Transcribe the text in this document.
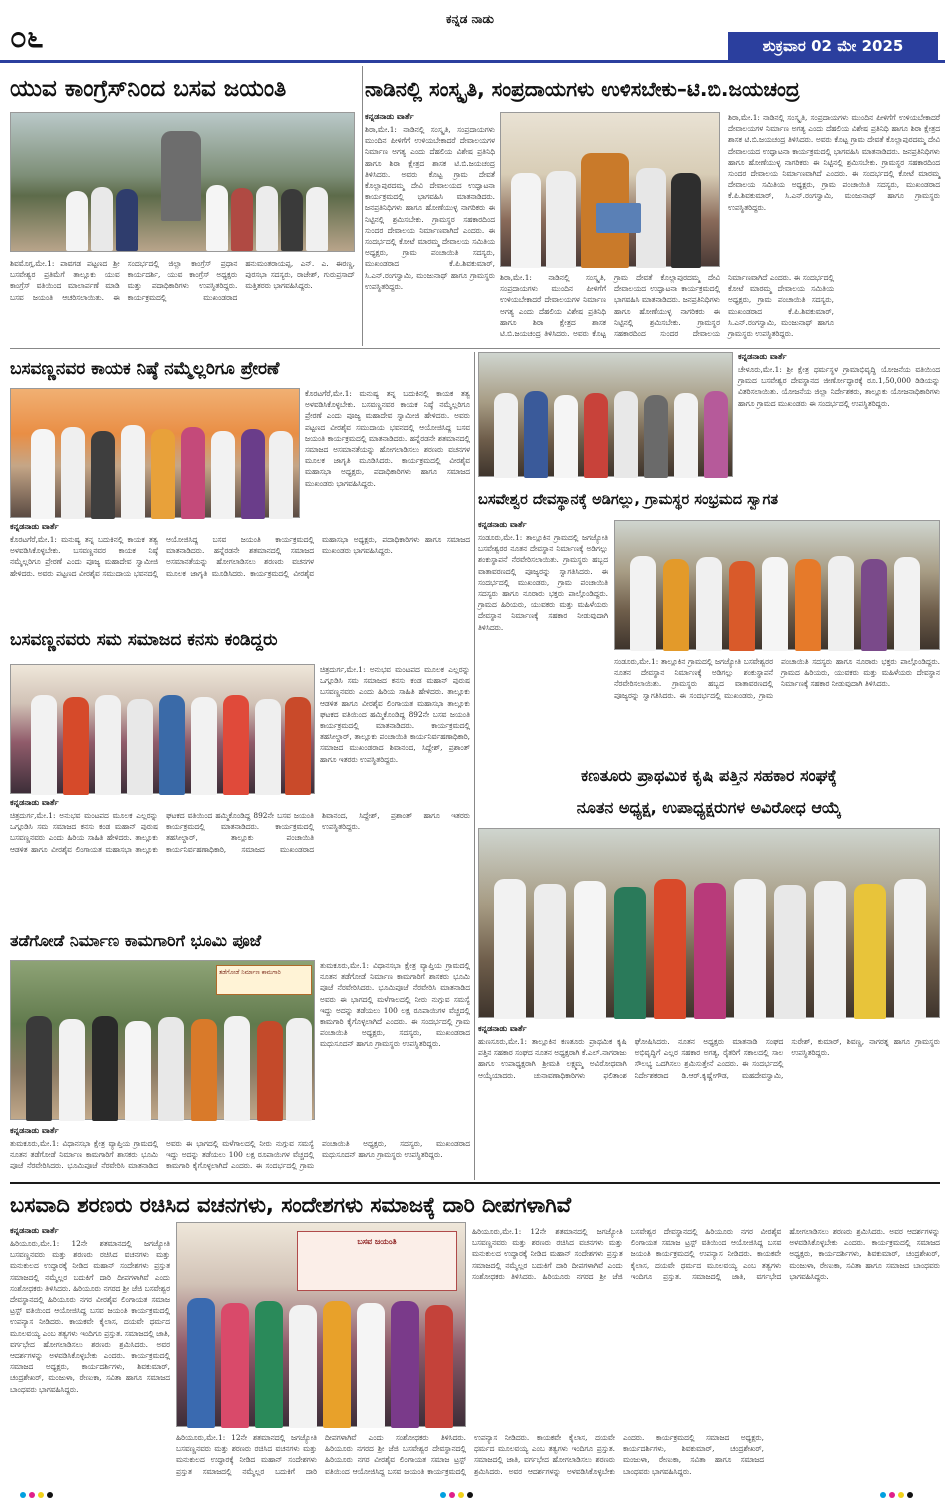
೦೬
ಕನ್ನಡ ನಾಡು
ಶುಕ್ರವಾರ 02 ಮೇ 2025
ಯುವ ಕಾಂಗ್ರೆಸ್‌ನಿಂದ ಬಸವ ಜಯಂತಿ
ಶಿವಮೊಗ್ಗ,ಮೇ.1: ಪಾವಗಡ ಪಟ್ಟಣದ ಶ್ರೀ ಬಸವೇಶ್ವರ ಪ್ರತಿಮೆಗೆ ತಾಲ್ಲೂಕು ಯುವ ಕಾಂಗ್ರೆಸ್ ವತಿಯಿಂದ ಮಾಲಾರ್ಪಣೆ ಮಾಡಿ ಬಸವ ಜಯಂತಿ ಆಚರಿಸಲಾಯಿತು. ಈ ಸಂದರ್ಭದಲ್ಲಿ ಜಿಲ್ಲಾ ಕಾಂಗ್ರೆಸ್ ಪ್ರಧಾನ ಕಾರ್ಯದರ್ಶಿ, ಯುವ ಕಾಂಗ್ರೆಸ್ ಅಧ್ಯಕ್ಷರು ಮತ್ತು ಪದಾಧಿಕಾರಿಗಳು ಉಪಸ್ಥಿತರಿದ್ದರು. ಕಾರ್ಯಕ್ರಮದಲ್ಲಿ ಮುಖಂಡರಾದ ಹನುಮಂತರಾಯಪ್ಪ, ಎನ್. ಎ. ಈರಣ್ಣ, ಪುರಸಭಾ ಸದಸ್ಯರು, ರಾಜೇಶ್, ಗುರುಪ್ರಸಾದ್ ಮತ್ತಿತರರು ಭಾಗವಹಿಸಿದ್ದರು.
ನಾಡಿನಲ್ಲಿ ಸಂಸ್ಕೃತಿ, ಸಂಪ್ರದಾಯಗಳು ಉಳಿಸಬೇಕು–ಟಿ.ಬಿ.ಜಯಚಂದ್ರ
ಕನ್ನಡನಾಡು ವಾರ್ತೆ
ಶಿರಾ,ಮೇ.1: ನಾಡಿನಲ್ಲಿ ಸಂಸ್ಕೃತಿ, ಸಂಪ್ರದಾಯಗಳು ಮುಂದಿನ ಪೀಳಿಗೆಗೆ ಉಳಿಯಬೇಕಾದರೆ ದೇವಾಲಯಗಳ ನಿರ್ಮಾಣ ಅಗತ್ಯ ಎಂದು ದೆಹಲಿಯ ವಿಶೇಷ ಪ್ರತಿನಿಧಿ ಹಾಗೂ ಶಿರಾ ಕ್ಷೇತ್ರದ ಶಾಸಕ ಟಿ.ಬಿ.ಜಯಚಂದ್ರ ತಿಳಿಸಿದರು. ಅವರು ಕೊಟ್ಟ ಗ್ರಾಮ ದೇವತೆ ಕೊಲ್ಲಾಪುರದಮ್ಮ ದೇವಿ ದೇವಾಲಯದ ಉದ್ಘಾಟನಾ ಕಾರ್ಯಕ್ರಮದಲ್ಲಿ ಭಾಗವಹಿಸಿ ಮಾತನಾಡಿದರು. ಜನಪ್ರತಿನಿಧಿಗಳು ಹಾಗೂ ಹೋಣೆಯುಳ್ಳ ನಾಗರಿಕರು ಈ ನಿಟ್ಟಿನಲ್ಲಿ ಶ್ರಮಿಸಬೇಕು. ಗ್ರಾಮಸ್ಥರ ಸಹಕಾರದಿಂದ ಸುಂದರ ದೇವಾಲಯ ನಿರ್ಮಾಣವಾಗಿದೆ ಎಂದರು. ಈ ಸಂದರ್ಭದಲ್ಲಿ ಕೋಟೆ ಮಾರಮ್ಮ ದೇವಾಲಯ ಸಮಿತಿಯ ಅಧ್ಯಕ್ಷರು, ಗ್ರಾಮ ಪಂಚಾಯಿತಿ ಸದಸ್ಯರು, ಮುಖಂಡರಾದ ಕೆ.ಪಿ.ಶಿವಕುಮಾರ್, ಸಿ.ಎನ್.ರಂಗಸ್ವಾಮಿ, ಮಂಜುನಾಥ್ ಹಾಗೂ ಗ್ರಾಮಸ್ಥರು ಉಪಸ್ಥಿತರಿದ್ದರು.
ಶಿರಾ,ಮೇ.1: ನಾಡಿನಲ್ಲಿ ಸಂಸ್ಕೃತಿ, ಸಂಪ್ರದಾಯಗಳು ಮುಂದಿನ ಪೀಳಿಗೆಗೆ ಉಳಿಯಬೇಕಾದರೆ ದೇವಾಲಯಗಳ ನಿರ್ಮಾಣ ಅಗತ್ಯ ಎಂದು ದೆಹಲಿಯ ವಿಶೇಷ ಪ್ರತಿನಿಧಿ ಹಾಗೂ ಶಿರಾ ಕ್ಷೇತ್ರದ ಶಾಸಕ ಟಿ.ಬಿ.ಜಯಚಂದ್ರ ತಿಳಿಸಿದರು. ಅವರು ಕೊಟ್ಟ ಗ್ರಾಮ ದೇವತೆ ಕೊಲ್ಲಾಪುರದಮ್ಮ ದೇವಿ ದೇವಾಲಯದ ಉದ್ಘಾಟನಾ ಕಾರ್ಯಕ್ರಮದಲ್ಲಿ ಭಾಗವಹಿಸಿ ಮಾತನಾಡಿದರು. ಜನಪ್ರತಿನಿಧಿಗಳು ಹಾಗೂ ಹೋಣೆಯುಳ್ಳ ನಾಗರಿಕರು ಈ ನಿಟ್ಟಿನಲ್ಲಿ ಶ್ರಮಿಸಬೇಕು. ಗ್ರಾಮಸ್ಥರ ಸಹಕಾರದಿಂದ ಸುಂದರ ದೇವಾಲಯ ನಿರ್ಮಾಣವಾಗಿದೆ ಎಂದರು. ಈ ಸಂದರ್ಭದಲ್ಲಿ ಕೋಟೆ ಮಾರಮ್ಮ ದೇವಾಲಯ ಸಮಿತಿಯ ಅಧ್ಯಕ್ಷರು, ಗ್ರಾಮ ಪಂಚಾಯಿತಿ ಸದಸ್ಯರು, ಮುಖಂಡರಾದ ಕೆ.ಪಿ.ಶಿವಕುಮಾರ್, ಸಿ.ಎನ್.ರಂಗಸ್ವಾಮಿ, ಮಂಜುನಾಥ್ ಹಾಗೂ ಗ್ರಾಮಸ್ಥರು ಉಪಸ್ಥಿತರಿದ್ದರು.
ಶಿರಾ,ಮೇ.1: ನಾಡಿನಲ್ಲಿ ಸಂಸ್ಕೃತಿ, ಸಂಪ್ರದಾಯಗಳು ಮುಂದಿನ ಪೀಳಿಗೆಗೆ ಉಳಿಯಬೇಕಾದರೆ ದೇವಾಲಯಗಳ ನಿರ್ಮಾಣ ಅಗತ್ಯ ಎಂದು ದೆಹಲಿಯ ವಿಶೇಷ ಪ್ರತಿನಿಧಿ ಹಾಗೂ ಶಿರಾ ಕ್ಷೇತ್ರದ ಶಾಸಕ ಟಿ.ಬಿ.ಜಯಚಂದ್ರ ತಿಳಿಸಿದರು. ಅವರು ಕೊಟ್ಟ ಗ್ರಾಮ ದೇವತೆ ಕೊಲ್ಲಾಪುರದಮ್ಮ ದೇವಿ ದೇವಾಲಯದ ಉದ್ಘಾಟನಾ ಕಾರ್ಯಕ್ರಮದಲ್ಲಿ ಭಾಗವಹಿಸಿ ಮಾತನಾಡಿದರು. ಜನಪ್ರತಿನಿಧಿಗಳು ಹಾಗೂ ಹೋಣೆಯುಳ್ಳ ನಾಗರಿಕರು ಈ ನಿಟ್ಟಿನಲ್ಲಿ ಶ್ರಮಿಸಬೇಕು. ಗ್ರಾಮಸ್ಥರ ಸಹಕಾರದಿಂದ ಸುಂದರ ದೇವಾಲಯ ನಿರ್ಮಾಣವಾಗಿದೆ ಎಂದರು. ಈ ಸಂದರ್ಭದಲ್ಲಿ ಕೋಟೆ ಮಾರಮ್ಮ ದೇವಾಲಯ ಸಮಿತಿಯ ಅಧ್ಯಕ್ಷರು, ಗ್ರಾಮ ಪಂಚಾಯಿತಿ ಸದಸ್ಯರು, ಮುಖಂಡರಾದ ಕೆ.ಪಿ.ಶಿವಕುಮಾರ್, ಸಿ.ಎನ್.ರಂಗಸ್ವಾಮಿ, ಮಂಜುನಾಥ್ ಹಾಗೂ ಗ್ರಾಮಸ್ಥರು ಉಪಸ್ಥಿತರಿದ್ದರು.
ಬಸವಣ್ಣನವರ ಕಾಯಕ ನಿಷ್ಠೆ ನಮ್ಮೆಲ್ಲರಿಗೂ ಪ್ರೇರಣೆ
ಕೊರಟಗೆರೆ,ಮೇ.1: ಮನುಷ್ಯ ತನ್ನ ಬದುಕಿನಲ್ಲಿ ಕಾಯಕ ತತ್ವ ಅಳವಡಿಸಿಕೊಳ್ಳಬೇಕು. ಬಸವಣ್ಣನವರ ಕಾಯಕ ನಿಷ್ಠೆ ನಮ್ಮೆಲ್ಲರಿಗೂ ಪ್ರೇರಣೆ ಎಂದು ಪೂಜ್ಯ ಮಹಾದೇವ ಸ್ವಾಮೀಜಿ ಹೇಳಿದರು. ಅವರು ಪಟ್ಟಣದ ವೀರಶೈವ ಸಮುದಾಯ ಭವನದಲ್ಲಿ ಆಯೋಜಿಸಿದ್ದ ಬಸವ ಜಯಂತಿ ಕಾರ್ಯಕ್ರಮದಲ್ಲಿ ಮಾತನಾಡಿದರು. ಹನ್ನೆರಡನೇ ಶತಮಾನದಲ್ಲಿ ಸಮಾಜದ ಅಸಮಾನತೆಯನ್ನು ಹೋಗಲಾಡಿಸಲು ಶರಣರು ವಚನಗಳ ಮೂಲಕ ಜಾಗೃತಿ ಮೂಡಿಸಿದರು. ಕಾರ್ಯಕ್ರಮದಲ್ಲಿ ವೀರಶೈವ ಮಹಾಸಭಾ ಅಧ್ಯಕ್ಷರು, ಪದಾಧಿಕಾರಿಗಳು ಹಾಗೂ ಸಮಾಜದ ಮುಖಂಡರು ಭಾಗವಹಿಸಿದ್ದರು.
ಕನ್ನಡನಾಡು ವಾರ್ತೆ
ಕೊರಟಗೆರೆ,ಮೇ.1: ಮನುಷ್ಯ ತನ್ನ ಬದುಕಿನಲ್ಲಿ ಕಾಯಕ ತತ್ವ ಅಳವಡಿಸಿಕೊಳ್ಳಬೇಕು. ಬಸವಣ್ಣನವರ ಕಾಯಕ ನಿಷ್ಠೆ ನಮ್ಮೆಲ್ಲರಿಗೂ ಪ್ರೇರಣೆ ಎಂದು ಪೂಜ್ಯ ಮಹಾದೇವ ಸ್ವಾಮೀಜಿ ಹೇಳಿದರು. ಅವರು ಪಟ್ಟಣದ ವೀರಶೈವ ಸಮುದಾಯ ಭವನದಲ್ಲಿ ಆಯೋಜಿಸಿದ್ದ ಬಸವ ಜಯಂತಿ ಕಾರ್ಯಕ್ರಮದಲ್ಲಿ ಮಾತನಾಡಿದರು. ಹನ್ನೆರಡನೇ ಶತಮಾನದಲ್ಲಿ ಸಮಾಜದ ಅಸಮಾನತೆಯನ್ನು ಹೋಗಲಾಡಿಸಲು ಶರಣರು ವಚನಗಳ ಮೂಲಕ ಜಾಗೃತಿ ಮೂಡಿಸಿದರು. ಕಾರ್ಯಕ್ರಮದಲ್ಲಿ ವೀರಶೈವ ಮಹಾಸಭಾ ಅಧ್ಯಕ್ಷರು, ಪದಾಧಿಕಾರಿಗಳು ಹಾಗೂ ಸಮಾಜದ ಮುಖಂಡರು ಭಾಗವಹಿಸಿದ್ದರು.
ಕನ್ನಡನಾಡು ವಾರ್ತೆ
ಚೇಳೂರು,ಮೇ.1: ಶ್ರೀ ಕ್ಷೇತ್ರ ಧರ್ಮಸ್ಥಳ ಗ್ರಾಮಾಭಿವೃದ್ಧಿ ಯೋಜನೆಯ ವತಿಯಿಂದ ಗ್ರಾಮದ ಬಸವೇಶ್ವರ ದೇವಸ್ಥಾನದ ಜೀರ್ಣೋದ್ಧಾರಕ್ಕೆ ರೂ.1,50,000 ಡಿಡಿಯನ್ನು ವಿತರಿಸಲಾಯಿತು. ಯೋಜನೆಯ ಜಿಲ್ಲಾ ನಿರ್ದೇಶಕರು, ತಾಲ್ಲೂಕು ಯೋಜನಾಧಿಕಾರಿಗಳು ಹಾಗೂ ಗ್ರಾಮದ ಮುಖಂಡರು ಈ ಸಂದರ್ಭದಲ್ಲಿ ಉಪಸ್ಥಿತರಿದ್ದರು.
ಬಸವೇಶ್ವರ ದೇವಸ್ಥಾನಕ್ಕೆ ಅಡಿಗಲ್ಲು, ಗ್ರಾಮಸ್ಥರ ಸಂಭ್ರಮದ ಸ್ವಾಗತ
ಕನ್ನಡನಾಡು ವಾರ್ತೆ
ಸಂಡೂರು,ಮೇ.1: ತಾಲ್ಲೂಕಿನ ಗ್ರಾಮದಲ್ಲಿ ಜಗಜ್ಯೋತಿ ಬಸವೇಶ್ವರರ ನೂತನ ದೇವಸ್ಥಾನ ನಿರ್ಮಾಣಕ್ಕೆ ಅಡಿಗಲ್ಲು ಶಂಕುಸ್ಥಾಪನೆ ನೆರವೇರಿಸಲಾಯಿತು. ಗ್ರಾಮಸ್ಥರು ಹಬ್ಬದ ವಾತಾವರಣದಲ್ಲಿ ಪೂಜ್ಯರನ್ನು ಸ್ವಾಗತಿಸಿದರು. ಈ ಸಂದರ್ಭದಲ್ಲಿ ಮುಖಂಡರು, ಗ್ರಾಮ ಪಂಚಾಯಿತಿ ಸದಸ್ಯರು ಹಾಗೂ ನೂರಾರು ಭಕ್ತರು ಪಾಲ್ಗೊಂಡಿದ್ದರು. ಗ್ರಾಮದ ಹಿರಿಯರು, ಯುವಕರು ಮತ್ತು ಮಹಿಳೆಯರು ದೇವಸ್ಥಾನ ನಿರ್ಮಾಣಕ್ಕೆ ಸಹಕಾರ ನೀಡುವುದಾಗಿ ತಿಳಿಸಿದರು.
ಸಂಡೂರು,ಮೇ.1: ತಾಲ್ಲೂಕಿನ ಗ್ರಾಮದಲ್ಲಿ ಜಗಜ್ಯೋತಿ ಬಸವೇಶ್ವರರ ನೂತನ ದೇವಸ್ಥಾನ ನಿರ್ಮಾಣಕ್ಕೆ ಅಡಿಗಲ್ಲು ಶಂಕುಸ್ಥಾಪನೆ ನೆರವೇರಿಸಲಾಯಿತು. ಗ್ರಾಮಸ್ಥರು ಹಬ್ಬದ ವಾತಾವರಣದಲ್ಲಿ ಪೂಜ್ಯರನ್ನು ಸ್ವಾಗತಿಸಿದರು. ಈ ಸಂದರ್ಭದಲ್ಲಿ ಮುಖಂಡರು, ಗ್ರಾಮ ಪಂಚಾಯಿತಿ ಸದಸ್ಯರು ಹಾಗೂ ನೂರಾರು ಭಕ್ತರು ಪಾಲ್ಗೊಂಡಿದ್ದರು. ಗ್ರಾಮದ ಹಿರಿಯರು, ಯುವಕರು ಮತ್ತು ಮಹಿಳೆಯರು ದೇವಸ್ಥಾನ ನಿರ್ಮಾಣಕ್ಕೆ ಸಹಕಾರ ನೀಡುವುದಾಗಿ ತಿಳಿಸಿದರು.
ಬಸವಣ್ಣನವರು ಸಮ ಸಮಾಜದ ಕನಸು ಕಂಡಿದ್ದರು
ಚಿತ್ರದುರ್ಗ,ಮೇ.1: ಅನುಭವ ಮಂಟಪದ ಮೂಲಕ ಎಲ್ಲರನ್ನು ಒಗ್ಗೂಡಿಸಿ ಸಮ ಸಮಾಜದ ಕನಸು ಕಂಡ ಮಹಾನ್ ಪುರುಷ ಬಸವಣ್ಣನವರು ಎಂದು ಹಿರಿಯ ಸಾಹಿತಿ ಹೇಳಿದರು. ತಾಲ್ಲೂಕು ಆಡಳಿತ ಹಾಗೂ ವೀರಶೈವ ಲಿಂಗಾಯತ ಮಹಾಸಭಾ ತಾಲ್ಲೂಕು ಘಟಕದ ವತಿಯಿಂದ ಹಮ್ಮಿಕೊಂಡಿದ್ದ 892ನೇ ಬಸವ ಜಯಂತಿ ಕಾರ್ಯಕ್ರಮದಲ್ಲಿ ಮಾತನಾಡಿದರು. ಕಾರ್ಯಕ್ರಮದಲ್ಲಿ ತಹಸೀಲ್ದಾರ್, ತಾಲ್ಲೂಕು ಪಂಚಾಯಿತಿ ಕಾರ್ಯನಿರ್ವಹಣಾಧಿಕಾರಿ, ಸಮಾಜದ ಮುಖಂಡರಾದ ಶಿವಾನಂದ, ಸಿದ್ದೇಶ್, ಪ್ರಶಾಂತ್ ಹಾಗೂ ಇತರರು ಉಪಸ್ಥಿತರಿದ್ದರು.
ಕನ್ನಡನಾಡು ವಾರ್ತೆ
ಚಿತ್ರದುರ್ಗ,ಮೇ.1: ಅನುಭವ ಮಂಟಪದ ಮೂಲಕ ಎಲ್ಲರನ್ನು ಒಗ್ಗೂಡಿಸಿ ಸಮ ಸಮಾಜದ ಕನಸು ಕಂಡ ಮಹಾನ್ ಪುರುಷ ಬಸವಣ್ಣನವರು ಎಂದು ಹಿರಿಯ ಸಾಹಿತಿ ಹೇಳಿದರು. ತಾಲ್ಲೂಕು ಆಡಳಿತ ಹಾಗೂ ವೀರಶೈವ ಲಿಂಗಾಯತ ಮಹಾಸಭಾ ತಾಲ್ಲೂಕು ಘಟಕದ ವತಿಯಿಂದ ಹಮ್ಮಿಕೊಂಡಿದ್ದ 892ನೇ ಬಸವ ಜಯಂತಿ ಕಾರ್ಯಕ್ರಮದಲ್ಲಿ ಮಾತನಾಡಿದರು. ಕಾರ್ಯಕ್ರಮದಲ್ಲಿ ತಹಸೀಲ್ದಾರ್, ತಾಲ್ಲೂಕು ಪಂಚಾಯಿತಿ ಕಾರ್ಯನಿರ್ವಹಣಾಧಿಕಾರಿ, ಸಮಾಜದ ಮುಖಂಡರಾದ ಶಿವಾನಂದ, ಸಿದ್ದೇಶ್, ಪ್ರಶಾಂತ್ ಹಾಗೂ ಇತರರು ಉಪಸ್ಥಿತರಿದ್ದರು.
ಕಣತೂರು ಪ್ರಾಥಮಿಕ ಕೃಷಿ ಪತ್ತಿನ ಸಹಕಾರ ಸಂಘಕ್ಕೆ
ನೂತನ ಅಧ್ಯಕ್ಷ, ಉಪಾಧ್ಯಕ್ಷರುಗಳ ಅವಿರೋಧ ಆಯ್ಕೆ
ಕನ್ನಡನಾಡು ವಾರ್ತೆ
ಹುಣಸೂರು,ಮೇ.1: ತಾಲ್ಲೂಕಿನ ಕಣತೂರು ಪ್ರಾಥಮಿಕ ಕೃಷಿ ಪತ್ತಿನ ಸಹಕಾರ ಸಂಘದ ನೂತನ ಅಧ್ಯಕ್ಷರಾಗಿ ಕೆ.ಎಲ್.ನಾಗರಾಜು ಹಾಗೂ ಉಪಾಧ್ಯಕ್ಷರಾಗಿ ಶ್ರೀಮತಿ ಲಕ್ಷ್ಮಮ್ಮ ಅವಿರೋಧವಾಗಿ ಆಯ್ಕೆಯಾದರು. ಚುನಾವಣಾಧಿಕಾರಿಗಳು ಫಲಿತಾಂಶ ಘೋಷಿಸಿದರು. ನೂತನ ಅಧ್ಯಕ್ಷರು ಮಾತನಾಡಿ ಸಂಘದ ಅಭಿವೃದ್ಧಿಗೆ ಎಲ್ಲರ ಸಹಕಾರ ಅಗತ್ಯ, ರೈತರಿಗೆ ಸಕಾಲದಲ್ಲಿ ಸಾಲ ಸೌಲಭ್ಯ ಒದಗಿಸಲು ಶ್ರಮಿಸುತ್ತೇನೆ ಎಂದರು. ಈ ಸಂದರ್ಭದಲ್ಲಿ ನಿರ್ದೇಶಕರಾದ ಡಿ.ಆರ್.ಕೃಷ್ಣೇಗೌಡ, ಮಹದೇವಸ್ವಾಮಿ, ಸುರೇಶ್, ಕುಮಾರ್, ಶಿವಣ್ಣ, ನಾಗರತ್ನ ಹಾಗೂ ಗ್ರಾಮಸ್ಥರು ಉಪಸ್ಥಿತರಿದ್ದರು.
ತಡೆಗೋಡೆ ನಿರ್ಮಾಣ ಕಾಮಗಾರಿಗೆ ಭೂಮಿ ಪೂಜೆ
ತಡೆಗೋಡೆ ನಿರ್ಮಾಣ ಕಾಮಗಾರಿ
ತುಮಕೂರು,ಮೇ.1: ವಿಧಾನಸಭಾ ಕ್ಷೇತ್ರ ವ್ಯಾಪ್ತಿಯ ಗ್ರಾಮದಲ್ಲಿ ನೂತನ ತಡೆಗೋಡೆ ನಿರ್ಮಾಣ ಕಾಮಗಾರಿಗೆ ಶಾಸಕರು ಭೂಮಿ ಪೂಜೆ ನೆರವೇರಿಸಿದರು. ಭೂಮಿಪೂಜೆ ನೆರವೇರಿಸಿ ಮಾತನಾಡಿದ ಅವರು ಈ ಭಾಗದಲ್ಲಿ ಮಳೆಗಾಲದಲ್ಲಿ ನೀರು ನುಗ್ಗುವ ಸಮಸ್ಯೆ ಇದ್ದು ಅದನ್ನು ತಡೆಯಲು 100 ಲಕ್ಷ ರೂಪಾಯಿಗಳ ವೆಚ್ಚದಲ್ಲಿ ಕಾಮಗಾರಿ ಕೈಗೊಳ್ಳಲಾಗಿದೆ ಎಂದರು. ಈ ಸಂದರ್ಭದಲ್ಲಿ ಗ್ರಾಮ ಪಂಚಾಯಿತಿ ಅಧ್ಯಕ್ಷರು, ಸದಸ್ಯರು, ಮುಖಂಡರಾದ ಮಧುಸೂದನ್ ಹಾಗೂ ಗ್ರಾಮಸ್ಥರು ಉಪಸ್ಥಿತರಿದ್ದರು.
ಕನ್ನಡನಾಡು ವಾರ್ತೆ
ತುಮಕೂರು,ಮೇ.1: ವಿಧಾನಸಭಾ ಕ್ಷೇತ್ರ ವ್ಯಾಪ್ತಿಯ ಗ್ರಾಮದಲ್ಲಿ ನೂತನ ತಡೆಗೋಡೆ ನಿರ್ಮಾಣ ಕಾಮಗಾರಿಗೆ ಶಾಸಕರು ಭೂಮಿ ಪೂಜೆ ನೆರವೇರಿಸಿದರು. ಭೂಮಿಪೂಜೆ ನೆರವೇರಿಸಿ ಮಾತನಾಡಿದ ಅವರು ಈ ಭಾಗದಲ್ಲಿ ಮಳೆಗಾಲದಲ್ಲಿ ನೀರು ನುಗ್ಗುವ ಸಮಸ್ಯೆ ಇದ್ದು ಅದನ್ನು ತಡೆಯಲು 100 ಲಕ್ಷ ರೂಪಾಯಿಗಳ ವೆಚ್ಚದಲ್ಲಿ ಕಾಮಗಾರಿ ಕೈಗೊಳ್ಳಲಾಗಿದೆ ಎಂದರು. ಈ ಸಂದರ್ಭದಲ್ಲಿ ಗ್ರಾಮ ಪಂಚಾಯಿತಿ ಅಧ್ಯಕ್ಷರು, ಸದಸ್ಯರು, ಮುಖಂಡರಾದ ಮಧುಸೂದನ್ ಹಾಗೂ ಗ್ರಾಮಸ್ಥರು ಉಪಸ್ಥಿತರಿದ್ದರು.
ಬಸವಾದಿ ಶರಣರು ರಚಿಸಿದ ವಚನಗಳು, ಸಂದೇಶಗಳು ಸಮಾಜಕ್ಕೆ ದಾರಿ ದೀಪಗಳಾಗಿವೆ
ಕನ್ನಡನಾಡು ವಾರ್ತೆ
ಹಿರಿಯೂರು,ಮೇ.1: 12ನೇ ಶತಮಾನದಲ್ಲಿ ಜಗಜ್ಯೋತಿ ಬಸವಣ್ಣನವರು ಮತ್ತು ಶರಣರು ರಚಿಸಿದ ವಚನಗಳು ಮತ್ತು ಮನುಕುಲದ ಉದ್ಧಾರಕ್ಕೆ ನೀಡಿದ ಮಹಾನ್ ಸಂದೇಶಗಳು ಪ್ರಸ್ತುತ ಸಮಾಜದಲ್ಲಿ ನಮ್ಮೆಲ್ಲರ ಬದುಕಿಗೆ ದಾರಿ ದೀಪಗಳಾಗಿವೆ ಎಂದು ಸಂಶೋಧಕರು ತಿಳಿಸಿದರು. ಹಿರಿಯೂರು ನಗರದ ಶ್ರೀ ಜೆಜಿ ಬಸವೇಶ್ವರ ದೇವಸ್ಥಾನದಲ್ಲಿ ಹಿರಿಯೂರು ನಗರ ವೀರಶೈವ ಲಿಂಗಾಯತ ಸಮಾಜ ಟ್ರಸ್ಟ್ ವತಿಯಿಂದ ಆಯೋಜಿಸಿದ್ದ ಬಸವ ಜಯಂತಿ ಕಾರ್ಯಕ್ರಮದಲ್ಲಿ ಉಪನ್ಯಾಸ ನೀಡಿದರು. ಕಾಯಕವೇ ಕೈಲಾಸ, ದಯವೇ ಧರ್ಮದ ಮೂಲವಯ್ಯ ಎಂಬ ತತ್ವಗಳು ಇಂದಿಗೂ ಪ್ರಸ್ತುತ. ಸಮಾಜದಲ್ಲಿ ಜಾತಿ, ವರ್ಗಭೇದ ಹೋಗಲಾಡಿಸಲು ಶರಣರು ಶ್ರಮಿಸಿದರು. ಅವರ ಆದರ್ಶಗಳನ್ನು ಅಳವಡಿಸಿಕೊಳ್ಳಬೇಕು ಎಂದರು. ಕಾರ್ಯಕ್ರಮದಲ್ಲಿ ಸಮಾಜದ ಅಧ್ಯಕ್ಷರು, ಕಾರ್ಯದರ್ಶಿಗಳು, ಶಿವಕುಮಾರ್, ಚಂದ್ರಶೇಖರ್, ಮಂಜುಳಾ, ರೇಣುಕಾ, ಸವಿತಾ ಹಾಗೂ ಸಮಾಜದ ಬಾಂಧವರು ಭಾಗವಹಿಸಿದ್ದರು.
ಬಸವ ಜಯಂತಿ
ಹಿರಿಯೂರು,ಮೇ.1: 12ನೇ ಶತಮಾನದಲ್ಲಿ ಜಗಜ್ಯೋತಿ ಬಸವಣ್ಣನವರು ಮತ್ತು ಶರಣರು ರಚಿಸಿದ ವಚನಗಳು ಮತ್ತು ಮನುಕುಲದ ಉದ್ಧಾರಕ್ಕೆ ನೀಡಿದ ಮಹಾನ್ ಸಂದೇಶಗಳು ಪ್ರಸ್ತುತ ಸಮಾಜದಲ್ಲಿ ನಮ್ಮೆಲ್ಲರ ಬದುಕಿಗೆ ದಾರಿ ದೀಪಗಳಾಗಿವೆ ಎಂದು ಸಂಶೋಧಕರು ತಿಳಿಸಿದರು. ಹಿರಿಯೂರು ನಗರದ ಶ್ರೀ ಜೆಜಿ ಬಸವೇಶ್ವರ ದೇವಸ್ಥಾನದಲ್ಲಿ ಹಿರಿಯೂರು ನಗರ ವೀರಶೈವ ಲಿಂಗಾಯತ ಸಮಾಜ ಟ್ರಸ್ಟ್ ವತಿಯಿಂದ ಆಯೋಜಿಸಿದ್ದ ಬಸವ ಜಯಂತಿ ಕಾರ್ಯಕ್ರಮದಲ್ಲಿ ಉಪನ್ಯಾಸ ನೀಡಿದರು. ಕಾಯಕವೇ ಕೈಲಾಸ, ದಯವೇ ಧರ್ಮದ ಮೂಲವಯ್ಯ ಎಂಬ ತತ್ವಗಳು ಇಂದಿಗೂ ಪ್ರಸ್ತುತ. ಸಮಾಜದಲ್ಲಿ ಜಾತಿ, ವರ್ಗಭೇದ ಹೋಗಲಾಡಿಸಲು ಶರಣರು ಶ್ರಮಿಸಿದರು. ಅವರ ಆದರ್ಶಗಳನ್ನು ಅಳವಡಿಸಿಕೊಳ್ಳಬೇಕು ಎಂದರು. ಕಾರ್ಯಕ್ರಮದಲ್ಲಿ ಸಮಾಜದ ಅಧ್ಯಕ್ಷರು, ಕಾರ್ಯದರ್ಶಿಗಳು, ಶಿವಕುಮಾರ್, ಚಂದ್ರಶೇಖರ್, ಮಂಜುಳಾ, ರೇಣುಕಾ, ಸವಿತಾ ಹಾಗೂ ಸಮಾಜದ ಬಾಂಧವರು ಭಾಗವಹಿಸಿದ್ದರು.
ಹಿರಿಯೂರು,ಮೇ.1: 12ನೇ ಶತಮಾನದಲ್ಲಿ ಜಗಜ್ಯೋತಿ ಬಸವಣ್ಣನವರು ಮತ್ತು ಶರಣರು ರಚಿಸಿದ ವಚನಗಳು ಮತ್ತು ಮನುಕುಲದ ಉದ್ಧಾರಕ್ಕೆ ನೀಡಿದ ಮಹಾನ್ ಸಂದೇಶಗಳು ಪ್ರಸ್ತುತ ಸಮಾಜದಲ್ಲಿ ನಮ್ಮೆಲ್ಲರ ಬದುಕಿಗೆ ದಾರಿ ದೀಪಗಳಾಗಿವೆ ಎಂದು ಸಂಶೋಧಕರು ತಿಳಿಸಿದರು. ಹಿರಿಯೂರು ನಗರದ ಶ್ರೀ ಜೆಜಿ ಬಸವೇಶ್ವರ ದೇವಸ್ಥಾನದಲ್ಲಿ ಹಿರಿಯೂರು ನಗರ ವೀರಶೈವ ಲಿಂಗಾಯತ ಸಮಾಜ ಟ್ರಸ್ಟ್ ವತಿಯಿಂದ ಆಯೋಜಿಸಿದ್ದ ಬಸವ ಜಯಂತಿ ಕಾರ್ಯಕ್ರಮದಲ್ಲಿ ಉಪನ್ಯಾಸ ನೀಡಿದರು. ಕಾಯಕವೇ ಕೈಲಾಸ, ದಯವೇ ಧರ್ಮದ ಮೂಲವಯ್ಯ ಎಂಬ ತತ್ವಗಳು ಇಂದಿಗೂ ಪ್ರಸ್ತುತ. ಸಮಾಜದಲ್ಲಿ ಜಾತಿ, ವರ್ಗಭೇದ ಹೋಗಲಾಡಿಸಲು ಶರಣರು ಶ್ರಮಿಸಿದರು. ಅವರ ಆದರ್ಶಗಳನ್ನು ಅಳವಡಿಸಿಕೊಳ್ಳಬೇಕು ಎಂದರು. ಕಾರ್ಯಕ್ರಮದಲ್ಲಿ ಸಮಾಜದ ಅಧ್ಯಕ್ಷರು, ಕಾರ್ಯದರ್ಶಿಗಳು, ಶಿವಕುಮಾರ್, ಚಂದ್ರಶೇಖರ್, ಮಂಜುಳಾ, ರೇಣುಕಾ, ಸವಿತಾ ಹಾಗೂ ಸಮಾಜದ ಬಾಂಧವರು ಭಾಗವಹಿಸಿದ್ದರು.
